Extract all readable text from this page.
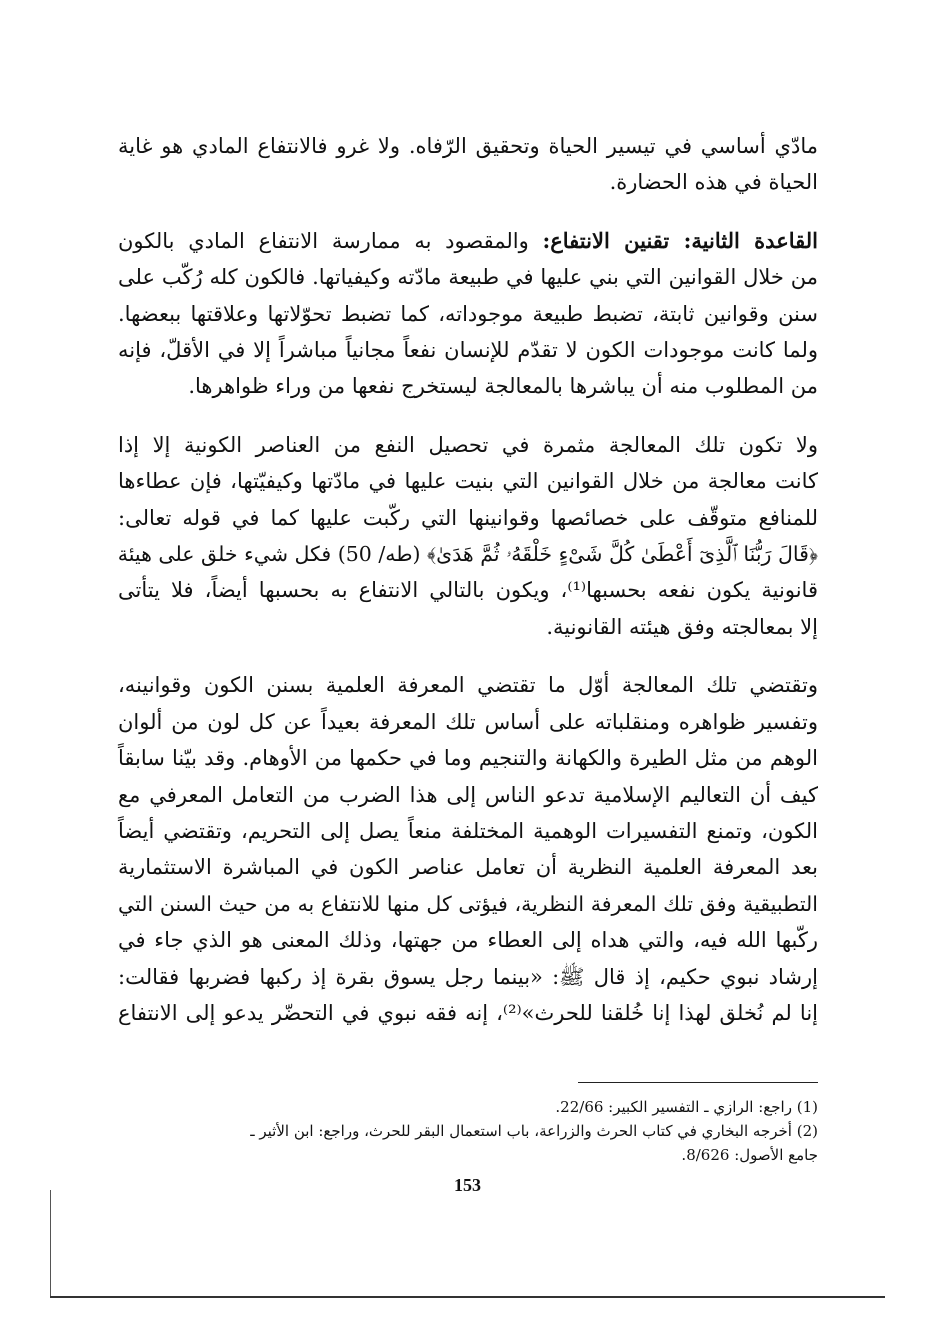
مادّي أساسي في تيسير الحياة وتحقيق الرّفاه. ولا غرو فالانتفاع المادي هو غاية
الحياة في هذه الحضارة.
القاعدة الثانية: تقنين الانتفاع: والمقصود به ممارسة الانتفاع المادي بالكون
من خلال القوانين التي بني عليها في طبيعة مادّته وكيفياتها. فالكون كله رُكّب على
سنن وقوانين ثابتة، تضبط طبيعة موجوداته، كما تضبط تحوّلاتها وعلاقتها ببعضها.
ولما كانت موجودات الكون لا تقدّم للإنسان نفعاً مجانياً مباشراً إلا في الأقلّ، فإنه
من المطلوب منه أن يباشرها بالمعالجة ليستخرج نفعها من وراء ظواهرها.
ولا تكون تلك المعالجة مثمرة في تحصيل النفع من العناصر الكونية إلا إذا
كانت معالجة من خلال القوانين التي بنيت عليها في مادّتها وكيفيّتها، فإن عطاءها
للمنافع متوقّف على خصائصها وقوانينها التي ركّبت عليها كما في قوله تعالى:
﴿قَالَ رَبُّنَا ٱلَّذِىٓ أَعْطَىٰ كُلَّ شَىْءٍ خَلْقَهُۥ ثُمَّ هَدَىٰ﴾ (طه/ 50) فكل شيء خلق على هيئة
قانونية يكون نفعه بحسبها⁽¹⁾، ويكون بالتالي الانتفاع به بحسبها أيضاً، فلا يتأتى
إلا بمعالجته وفق هيئته القانونية.
وتقتضي تلك المعالجة أوّل ما تقتضي المعرفة العلمية بسنن الكون وقوانينه،
وتفسير ظواهره ومنقلباته على أساس تلك المعرفة بعيداً عن كل لون من ألوان
الوهم من مثل الطيرة والكهانة والتنجيم وما في حكمها من الأوهام. وقد بيّنا سابقاً
كيف أن التعاليم الإسلامية تدعو الناس إلى هذا الضرب من التعامل المعرفي مع
الكون، وتمنع التفسيرات الوهمية المختلفة منعاً يصل إلى التحريم، وتقتضي أيضاً
بعد المعرفة العلمية النظرية أن تعامل عناصر الكون في المباشرة الاستثمارية
التطبيقية وفق تلك المعرفة النظرية، فيؤتى كل منها للانتفاع به من حيث السنن التي
ركّبها الله فيه، والتي هداه إلى العطاء من جهتها، وذلك المعنى هو الذي جاء في
إرشاد نبوي حكيم، إذ قال ﷺ: «بينما رجل يسوق بقرة إذ ركبها فضربها فقالت:
إنا لم نُخلق لهذا إنا خُلقنا للحرث»⁽²⁾، إنه فقه نبوي في التحضّر يدعو إلى الانتفاع
(1) راجع: الرازي ـ التفسير الكبير: 22/66.
(2) أخرجه البخاري في كتاب الحرث والزراعة، باب استعمال البقر للحرث، وراجع: ابن الأثير ـ
جامع الأصول: 8/626.
153
